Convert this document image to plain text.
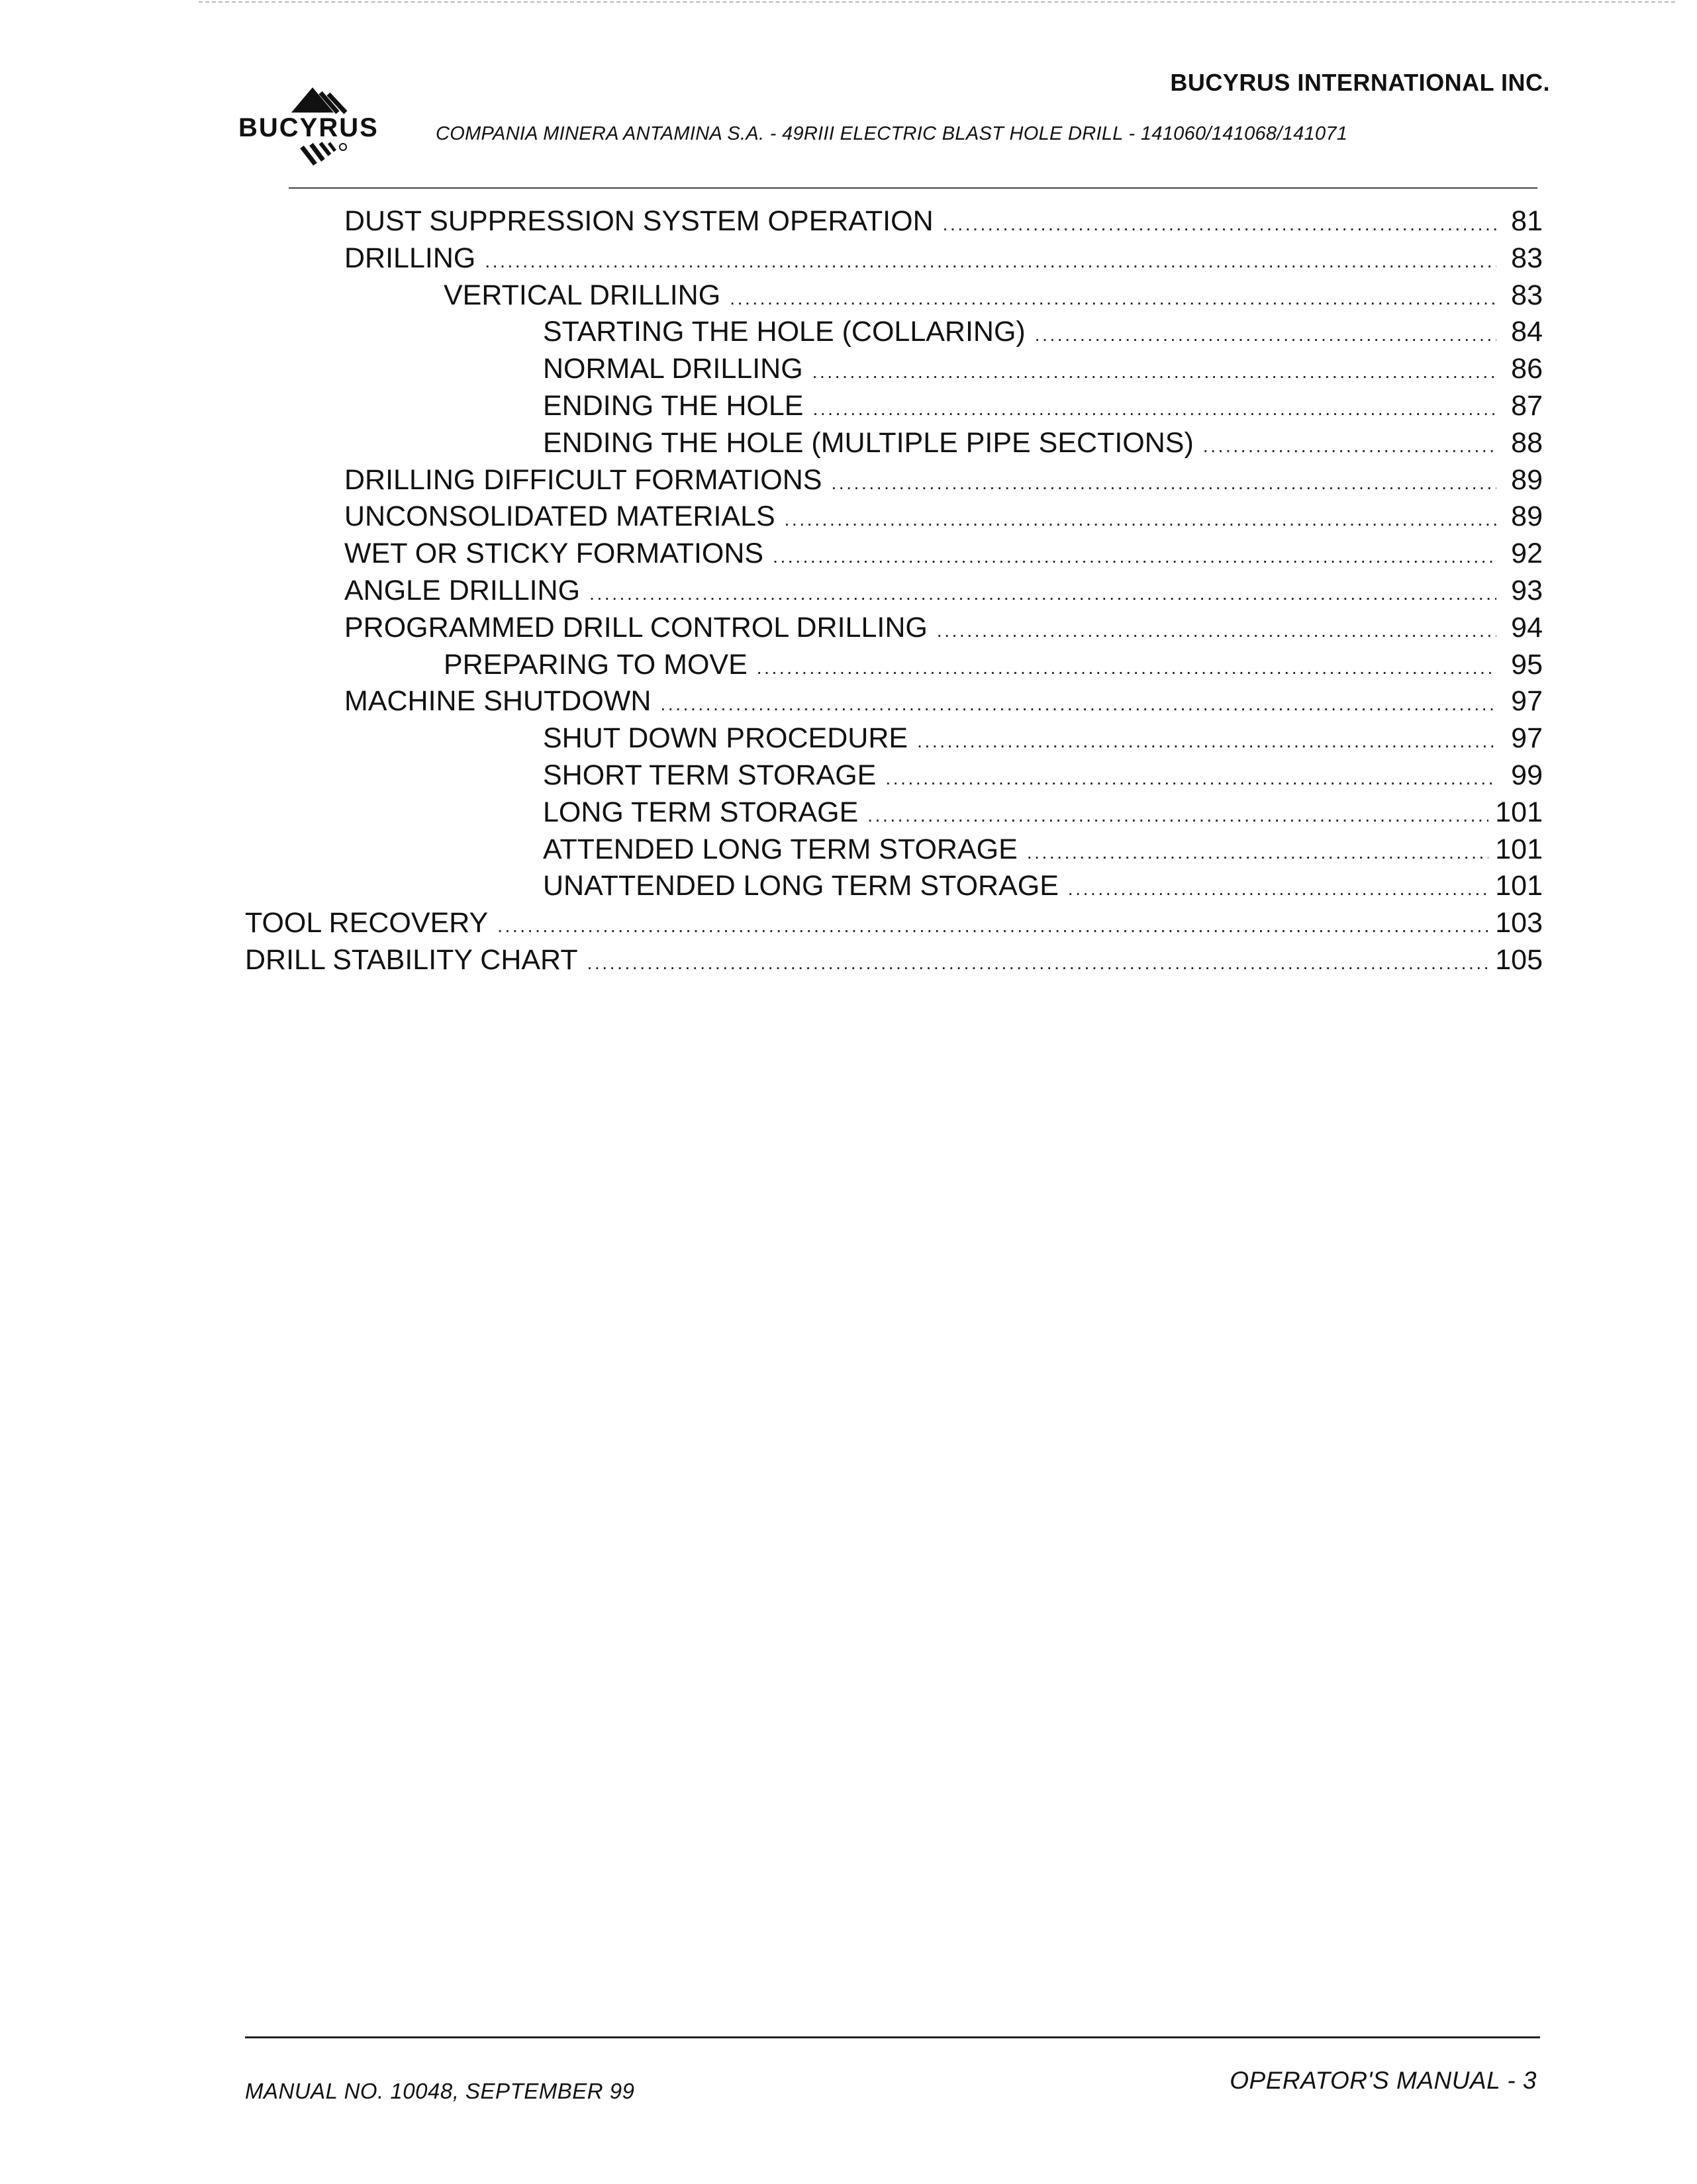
BUCYRUS
BUCYRUS INTERNATIONAL INC.
COMPANIA MINERA ANTAMINA S.A. - 49RIII ELECTRIC BLAST HOLE DRILL - 141060/141068/141071
DUST SUPPRESSION SYSTEM OPERATION .....	81
DRILLING .....	83
VERTICAL DRILLING .....	83
STARTING THE HOLE (COLLARING) .....	84
NORMAL DRILLING .....	86
ENDING THE HOLE .....	87
ENDING THE HOLE (MULTIPLE PIPE SECTIONS) .....	88
DRILLING DIFFICULT FORMATIONS .....	89
UNCONSOLIDATED MATERIALS .....	89
WET OR STICKY FORMATIONS .....	92
ANGLE DRILLING .....	93
PROGRAMMED DRILL CONTROL DRILLING .....	94
PREPARING TO MOVE .....	95
MACHINE SHUTDOWN .....	97
SHUT DOWN PROCEDURE .....	97
SHORT TERM STORAGE .....	99
LONG TERM STORAGE .....	101
ATTENDED LONG TERM STORAGE .....	101
UNATTENDED LONG TERM STORAGE .....	101
TOOL RECOVERY .....	103
DRILL STABILITY CHART .....	105
MANUAL NO. 10048, SEPTEMBER 99	OPERATOR'S MANUAL - 3
